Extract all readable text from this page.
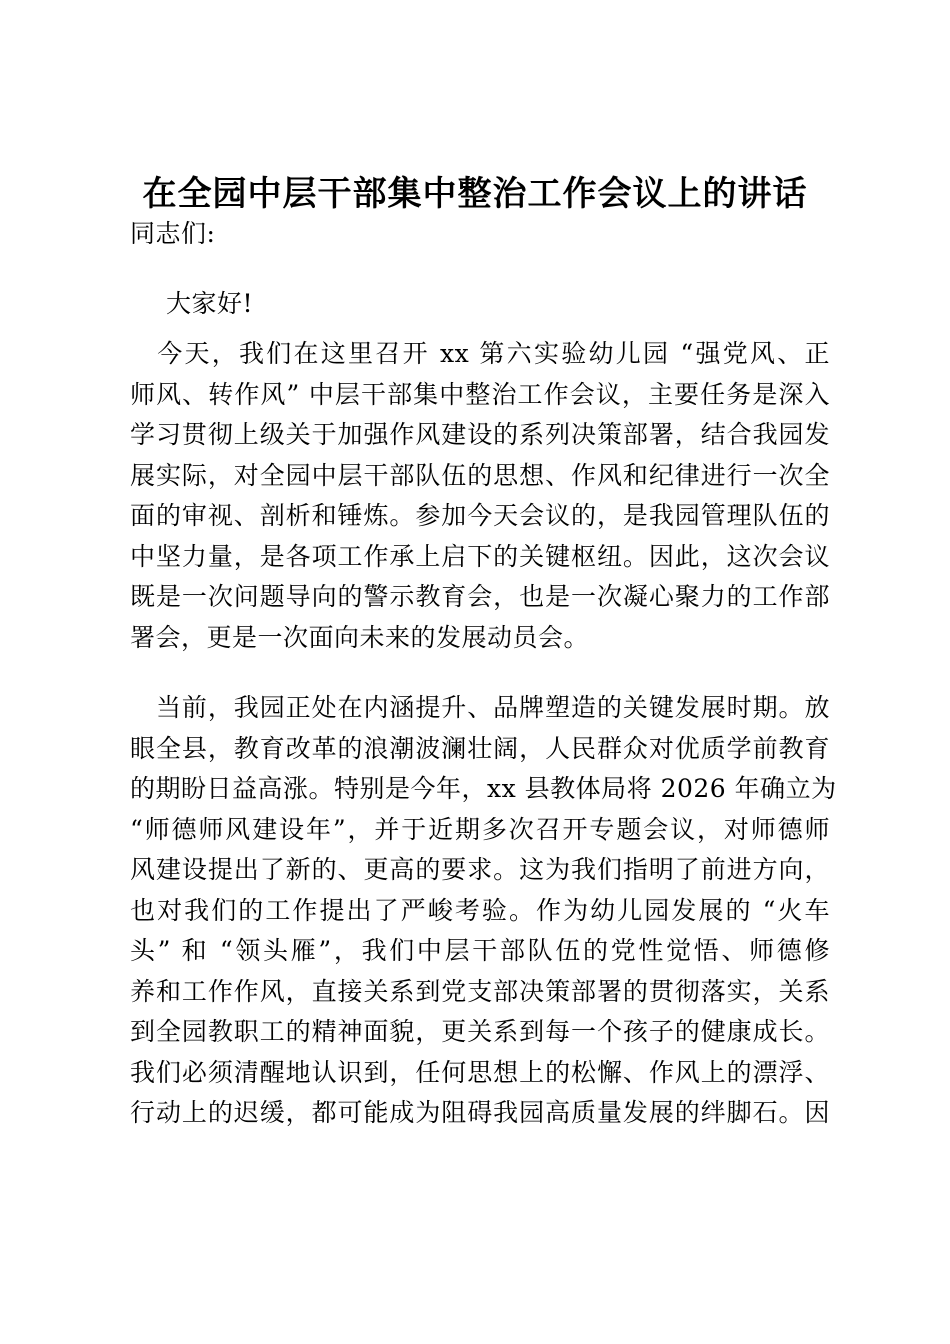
在全园中层干部集中整治工作会议上的讲话
同志们:
大家好!
　今天，我们在这里召开 xx 第六实验幼儿园 “强党风、正
师风、转作风” 中层干部集中整治工作会议，主要任务是深入
学习贯彻上级关于加强作风建设的系列决策部署，结合我园发
展实际，对全园中层干部队伍的思想、作风和纪律进行一次全
面的审视、剖析和锤炼。参加今天会议的，是我园管理队伍的
中坚力量，是各项工作承上启下的关键枢纽。因此，这次会议
既是一次问题导向的警示教育会，也是一次凝心聚力的工作部
署会，更是一次面向未来的发展动员会。
　当前，我园正处在内涵提升、品牌塑造的关键发展时期。放
眼全县，教育改革的浪潮波澜壮阔，人民群众对优质学前教育
的期盼日益高涨。特别是今年，xx 县教体局将 2026 年确立为
“师德师风建设年”，并于近期多次召开专题会议，对师德师
风建设提出了新的、更高的要求。这为我们指明了前进方向，
也对我们的工作提出了严峻考验。作为幼儿园发展的 “火车
头” 和 “领头雁”，我们中层干部队伍的党性觉悟、师德修
养和工作作风，直接关系到党支部决策部署的贯彻落实，关系
到全园教职工的精神面貌，更关系到每一个孩子的健康成长。
我们必须清醒地认识到，任何思想上的松懈、作风上的漂浮、
行动上的迟缓，都可能成为阻碍我园高质量发展的绊脚石。因
